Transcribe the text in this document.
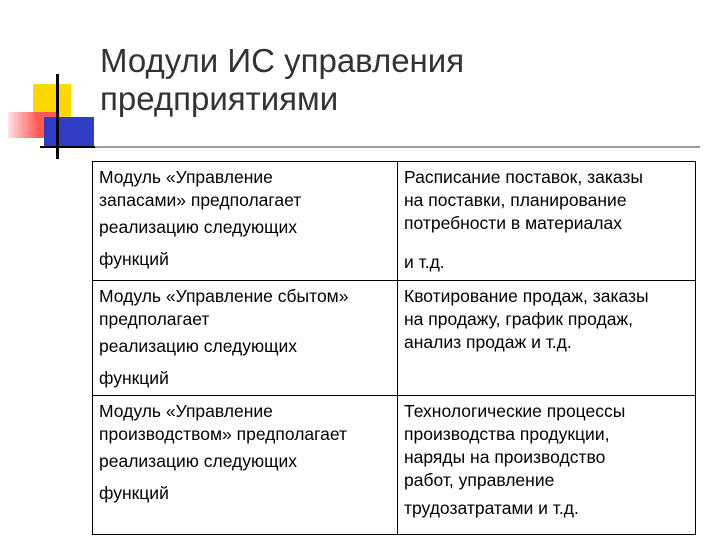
Модули ИС управления
предприятиями
Модуль «Управление
запасами» предполагает
реализацию следующих
функций	Расписание поставок, заказы
на поставки, планирование
потребности в материалах
и т.д.

Модуль «Управление сбытом»
предполагает
реализацию следующих
функций	Квотирование продаж, заказы
на продажу, график продаж,
анализ продаж и т.д.

Модуль «Управление
производством» предполагает
реализацию следующих
функций	Технологические процессы
производства продукции,
наряды на производство
работ, управление
трудозатратами и т.д.
